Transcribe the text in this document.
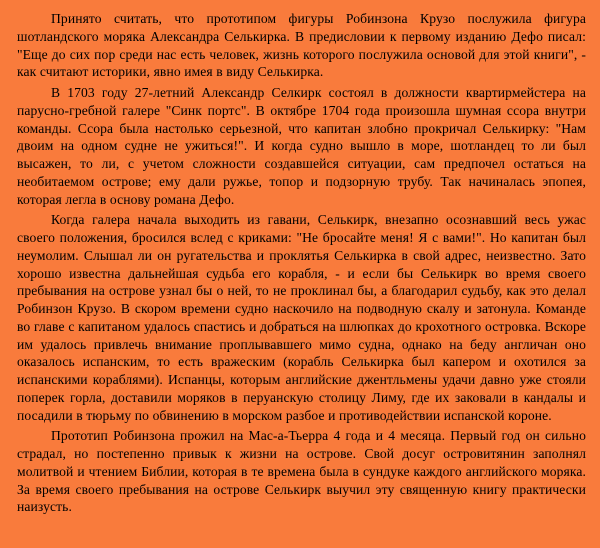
Принято считать, что прототипом фигуры Робинзона Крузо послужила фигура шотландского моряка Александра Селькирка. В предисловии к первому изданию Дефо писал: "Еще до сих пор среди нас есть человек, жизнь которого послужила основой для этой книги", - как считают историки, явно имея в виду Селькирка.

В 1703 году 27-летний Александр Селкирк состоял в должности квартирмейстера на парусно-гребной галере "Синк портс". В октябре 1704 года произошла шумная ссора внутри команды. Ссора была настолько серьезной, что капитан злобно прокричал Селькирку: "Нам двоим на одном судне не ужиться!". И когда судно вышло в море, шотландец то ли был высажен, то ли, с учетом сложности создавшейся ситуации, сам предпочел остаться на необитаемом острове; ему дали ружье, топор и подзорную трубу. Так начиналась эпопея, которая легла в основу романа Дефо.

Когда галера начала выходить из гавани, Селькирк, внезапно осознавший весь ужас своего положения, бросился вслед с криками: "Не бросайте меня! Я с вами!". Но капитан был неумолим. Слышал ли он ругательства и проклятья Селькирка в свой адрес, неизвестно. Зато хорошо известна дальнейшая судьба его корабля, - и если бы Селькирк во время своего пребывания на острове узнал бы о ней, то не проклинал бы, а благодарил судьбу, как это делал Робинзон Крузо. В скором времени судно наскочило на подводную скалу и затонула. Команде во главе с капитаном удалось спастись и добраться на шлюпках до крохотного островка. Вскоре им удалось привлечь внимание проплывавшего мимо судна, однако на беду англичан оно оказалось испанским, то есть вражеским (корабль Селькирка был капером и охотился за испанскими кораблями). Испанцы, которым английские джентльмены удачи давно уже стояли поперек горла, доставили моряков в перуанскую столицу Лиму, где их заковали в кандалы и посадили в тюрьму по обвинению в морском разбое и противодействии испанской короне.

Прототип Робинзона прожил на Мас-а-Тьерра 4 года и 4 месяца. Первый год он сильно страдал, но постепенно привык к жизни на острове. Свой досуг островитянин заполнял молитвой и чтением Библии, которая в те времена была в сундуке каждого английского моряка. За время своего пребывания на острове Селькирк выучил эту священную книгу практически наизусть.
